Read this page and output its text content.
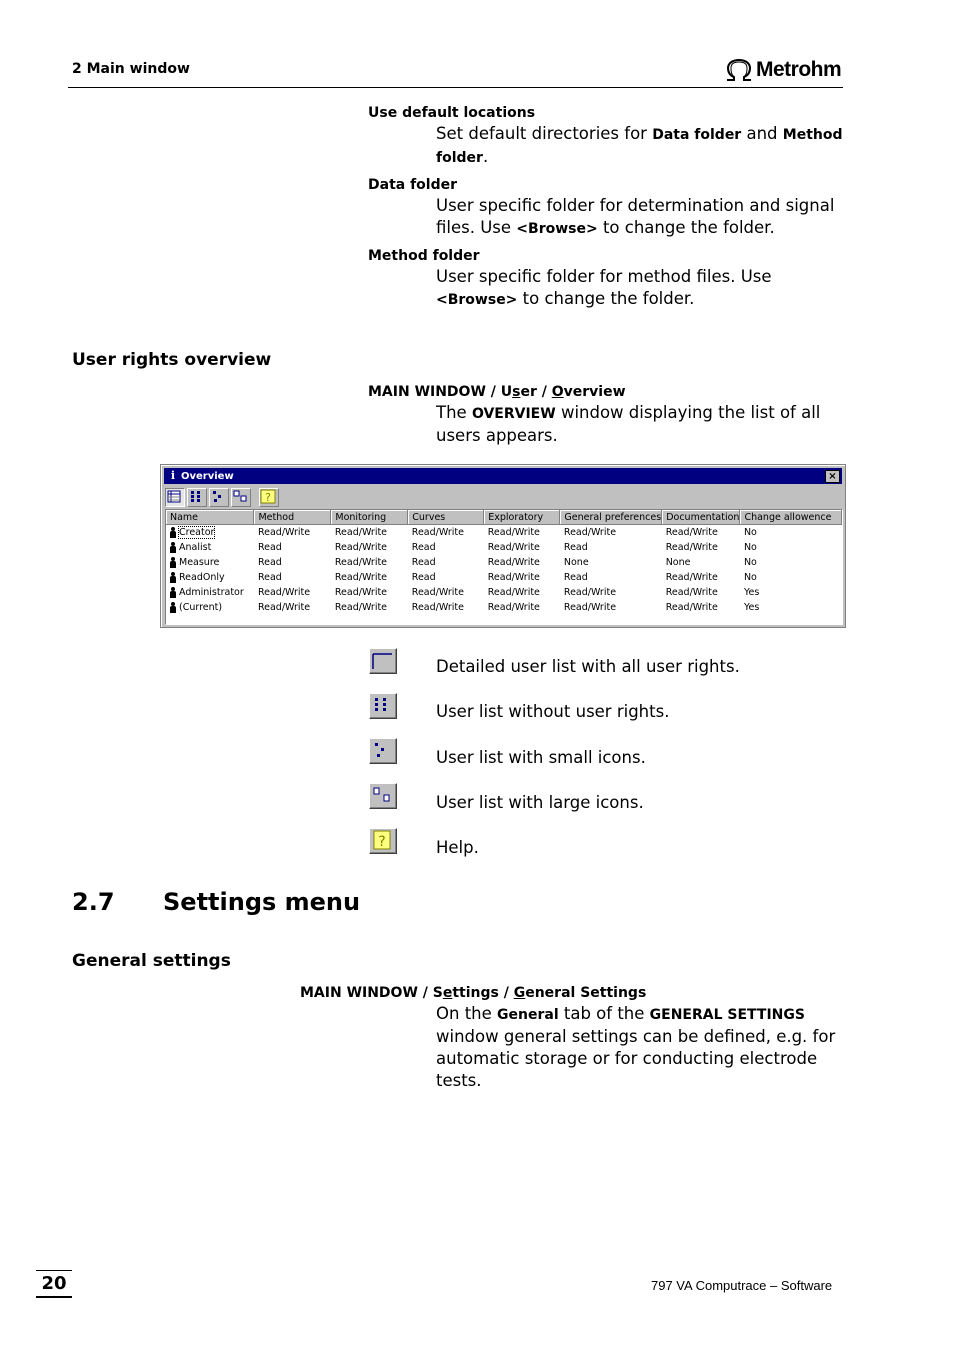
2 Main window	Metrohm
Use default locations
Set default directories for Data folder and Method folder.
Data folder
User specific folder for determination and signal files. Use <Browse> to change the folder.
Method folder
User specific folder for method files. Use <Browse> to change the folder.
User rights overview
MAIN WINDOW / User / Overview
The OVERVIEW window displaying the list of all users appears.
i Overview	×
?
Name	Method	Monitoring	Curves	Exploratory	General preferences	Documentation	Change allowence
Creator	Read/Write	Read/Write	Read/Write	Read/Write	Read/Write	Read/Write	No
Analist	Read	Read/Write	Read	Read/Write	Read	Read/Write	No
Measure	Read	Read/Write	Read	Read/Write	None	None	No
ReadOnly	Read	Read/Write	Read	Read/Write	Read	Read/Write	No
Administrator	Read/Write	Read/Write	Read/Write	Read/Write	Read/Write	Read/Write	Yes
(Current)	Read/Write	Read/Write	Read/Write	Read/Write	Read/Write	Read/Write	Yes
Detailed user list with all user rights.
User list without user rights.
User list with small icons.
User list with large icons.
?	Help.
2.7 Settings menu
General settings
MAIN WINDOW / Settings / General Settings
On the General tab of the GENERAL SETTINGS window general settings can be defined, e.g. for automatic storage or for conducting electrode tests.
20	797 VA Computrace – Software
